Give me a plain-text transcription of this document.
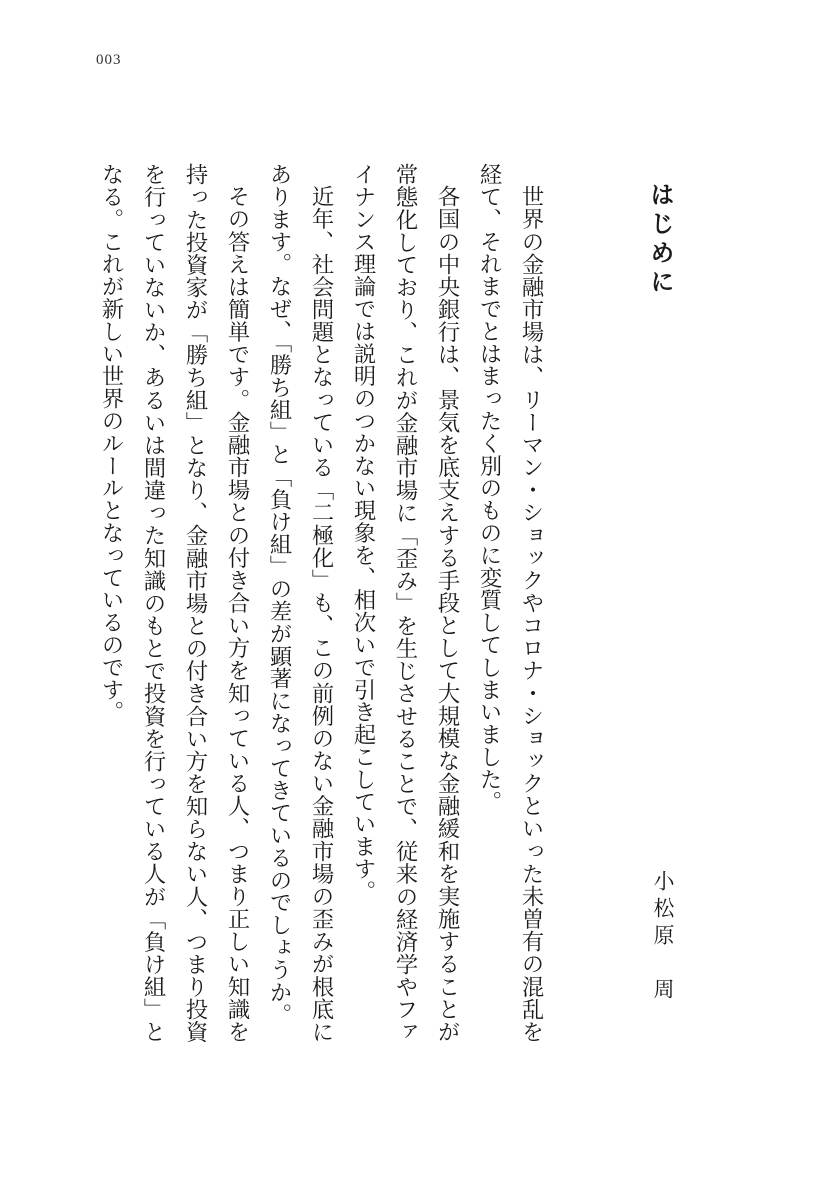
003
はじめに
小松原　周

世界の金融市場は、リーマン・ショックやコロナ・ショックといった未曽有の混乱を経て、それまでとはまったく別のものに変質してしまいました。

各国の中央銀行は、景気を底支えする手段として大規模な金融緩和を実施することが常態化しており、これが金融市場に「歪み」を生じさせることで、従来の経済学やファイナンス理論では説明のつかない現象を、相次いで引き起こしています。

近年、社会問題となっている「二極化」も、この前例のない金融市場の歪みが根底にあります。なぜ、「勝ち組」と「負け組」の差が顕著になってきているのでしょうか。

その答えは簡単です。金融市場との付き合い方を知っている人、つまり正しい知識を持った投資家が「勝ち組」となり、金融市場との付き合い方を知らない人、つまり投資を行っていないか、あるいは間違った知識のもとで投資を行っている人が「負け組」となる。これが新しい世界のルールとなっているのです。
